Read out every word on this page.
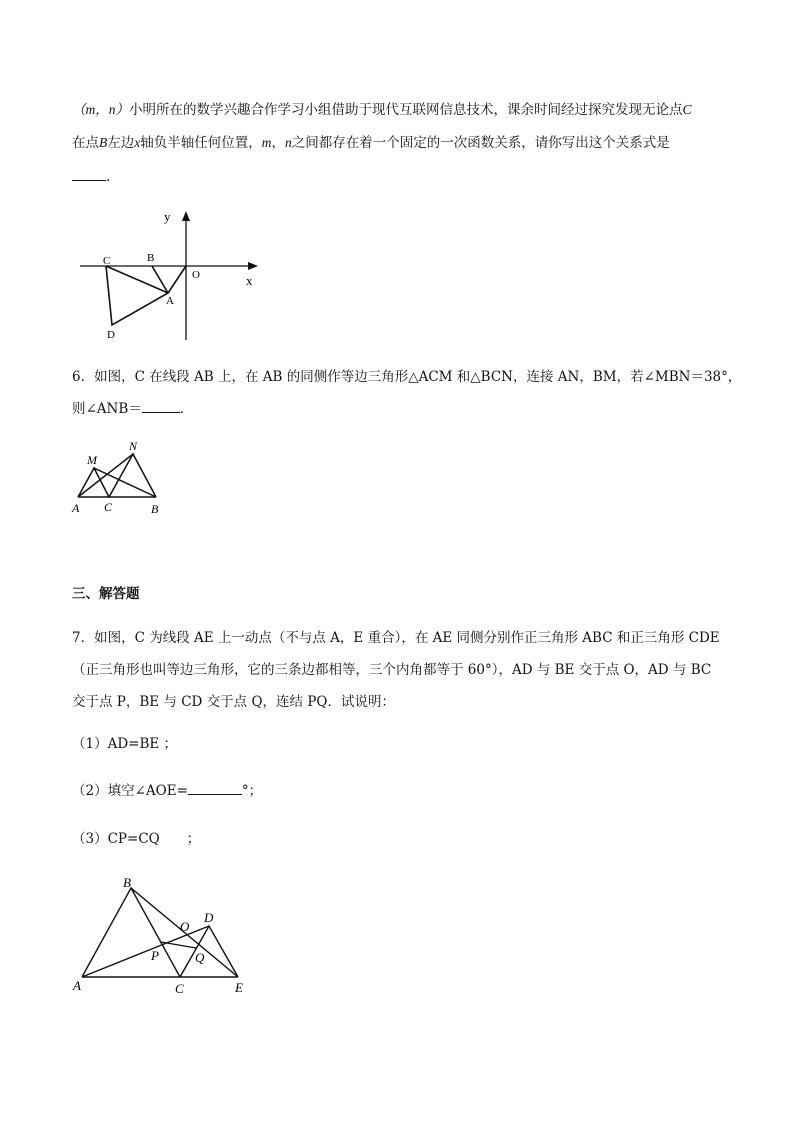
（m，n）小明所在的数学兴趣合作学习小组借助于现代互联网信息技术，课余时间经过探究发现无论点C
在点B左边x轴负半轴任何位置，m，n之间都存在着一个固定的一次函数关系，请你写出这个关系式是
.
y
x
O
C	B
A
D
6．如图，C 在线段 AB 上，在 AB 的同侧作等边三角形△ACM 和△BCN，连接 AN，BM，若∠MBN＝38°，
则∠ANB＝	．
M
N
A C	B
三、解答题
7．如图，C 为线段 AE 上一动点（不与点 A，E 重合），在 AE 同侧分别作正三角形 ABC 和正三角形 CDE
（正三角形也叫等边三角形，它的三条边都相等，三个内角都等于 60°），AD 与 BE 交于点 O，AD 与 BC
交于点 P，BE 与 CD 交于点 Q，连结 PQ．试说明：
（1）AD=BE ；
（2）填空∠AOE=	°；
（3）CP=CQ　　；
B
D
O
P	Q
A	C	E
